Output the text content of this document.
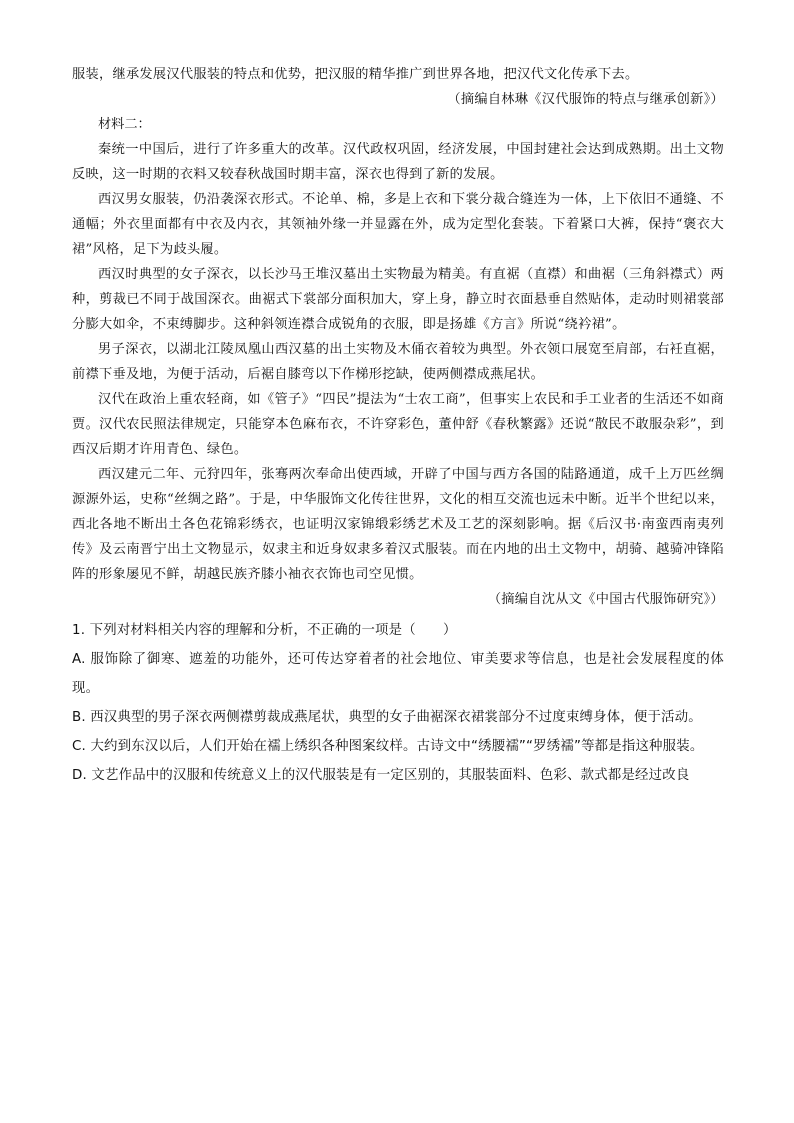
服装，继承发展汉代服装的特点和优势，把汉服的精华推广到世界各地，把汉代文化传承下去。

（摘编自林琳《汉代服饰的特点与继承创新》）

材料二：

秦统一中国后，进行了许多重大的改革。汉代政权巩固，经济发展，中国封建社会达到成熟期。出土文物反映，这一时期的衣料又较春秋战国时期丰富，深衣也得到了新的发展。

西汉男女服装，仍沿袭深衣形式。不论单、棉，多是上衣和下裳分裁合缝连为一体，上下依旧不通缝、不通幅；外衣里面都有中衣及内衣，其领袖外缘一并显露在外，成为定型化套装。下着紧口大裤，保持“褒衣大裙”风格，足下为歧头履。

西汉时典型的女子深衣，以长沙马王堆汉墓出土实物最为精美。有直裾（直襟）和曲裾（三角斜襟式）两种，剪裁已不同于战国深衣。曲裾式下裳部分面积加大，穿上身，静立时衣面悬垂自然贴体，走动时则裙裳部分膨大如伞，不束缚脚步。这种斜领连襟合成锐角的衣服，即是扬雄《方言》所说“绕衿裙”。

男子深衣，以湖北江陵凤凰山西汉墓的出土实物及木俑衣着较为典型。外衣领口展宽至肩部，右衽直裾，前襟下垂及地，为便于活动，后裾自膝弯以下作梯形挖缺，使两侧襟成燕尾状。

汉代在政治上重农轻商，如《管子》“四民”提法为“士农工商”，但事实上农民和手工业者的生活还不如商贾。汉代农民照法律规定，只能穿本色麻布衣，不许穿彩色，董仲舒《春秋繁露》还说“散民不敢服杂彩”，到西汉后期才许用青色、绿色。

西汉建元二年、元狩四年，张骞两次奉命出使西域，开辟了中国与西方各国的陆路通道，成千上万匹丝绸源源外运，史称“丝绸之路”。于是，中华服饰文化传往世界，文化的相互交流也远未中断。近半个世纪以来，西北各地不断出土各色花锦彩绣衣，也证明汉家锦缎彩绣艺术及工艺的深刻影响。据《后汉书·南蛮西南夷列传》及云南晋宁出土文物显示，奴隶主和近身奴隶多着汉式服装。而在内地的出土文物中，胡骑、越骑冲锋陷阵的形象屡见不鲜，胡越民族齐膝小袖衣衣饰也司空见惯。

（摘编自沈从文《中国古代服饰研究》）

1. 下列对材料相关内容的理解和分析，不正确的一项是（　　）

A. 服饰除了御寒、遮羞的功能外，还可传达穿着者的社会地位、审美要求等信息，也是社会发展程度的体现。

B. 西汉典型的男子深衣两侧襟剪裁成燕尾状，典型的女子曲裾深衣裙裳部分不过度束缚身体，便于活动。

C. 大约到东汉以后，人们开始在襦上绣织各种图案纹样。古诗文中“绣腰襦”“罗绣襦”等都是指这种服装。

D. 文艺作品中的汉服和传统意义上的汉代服装是有一定区别的，其服装面料、色彩、款式都是经过改良
